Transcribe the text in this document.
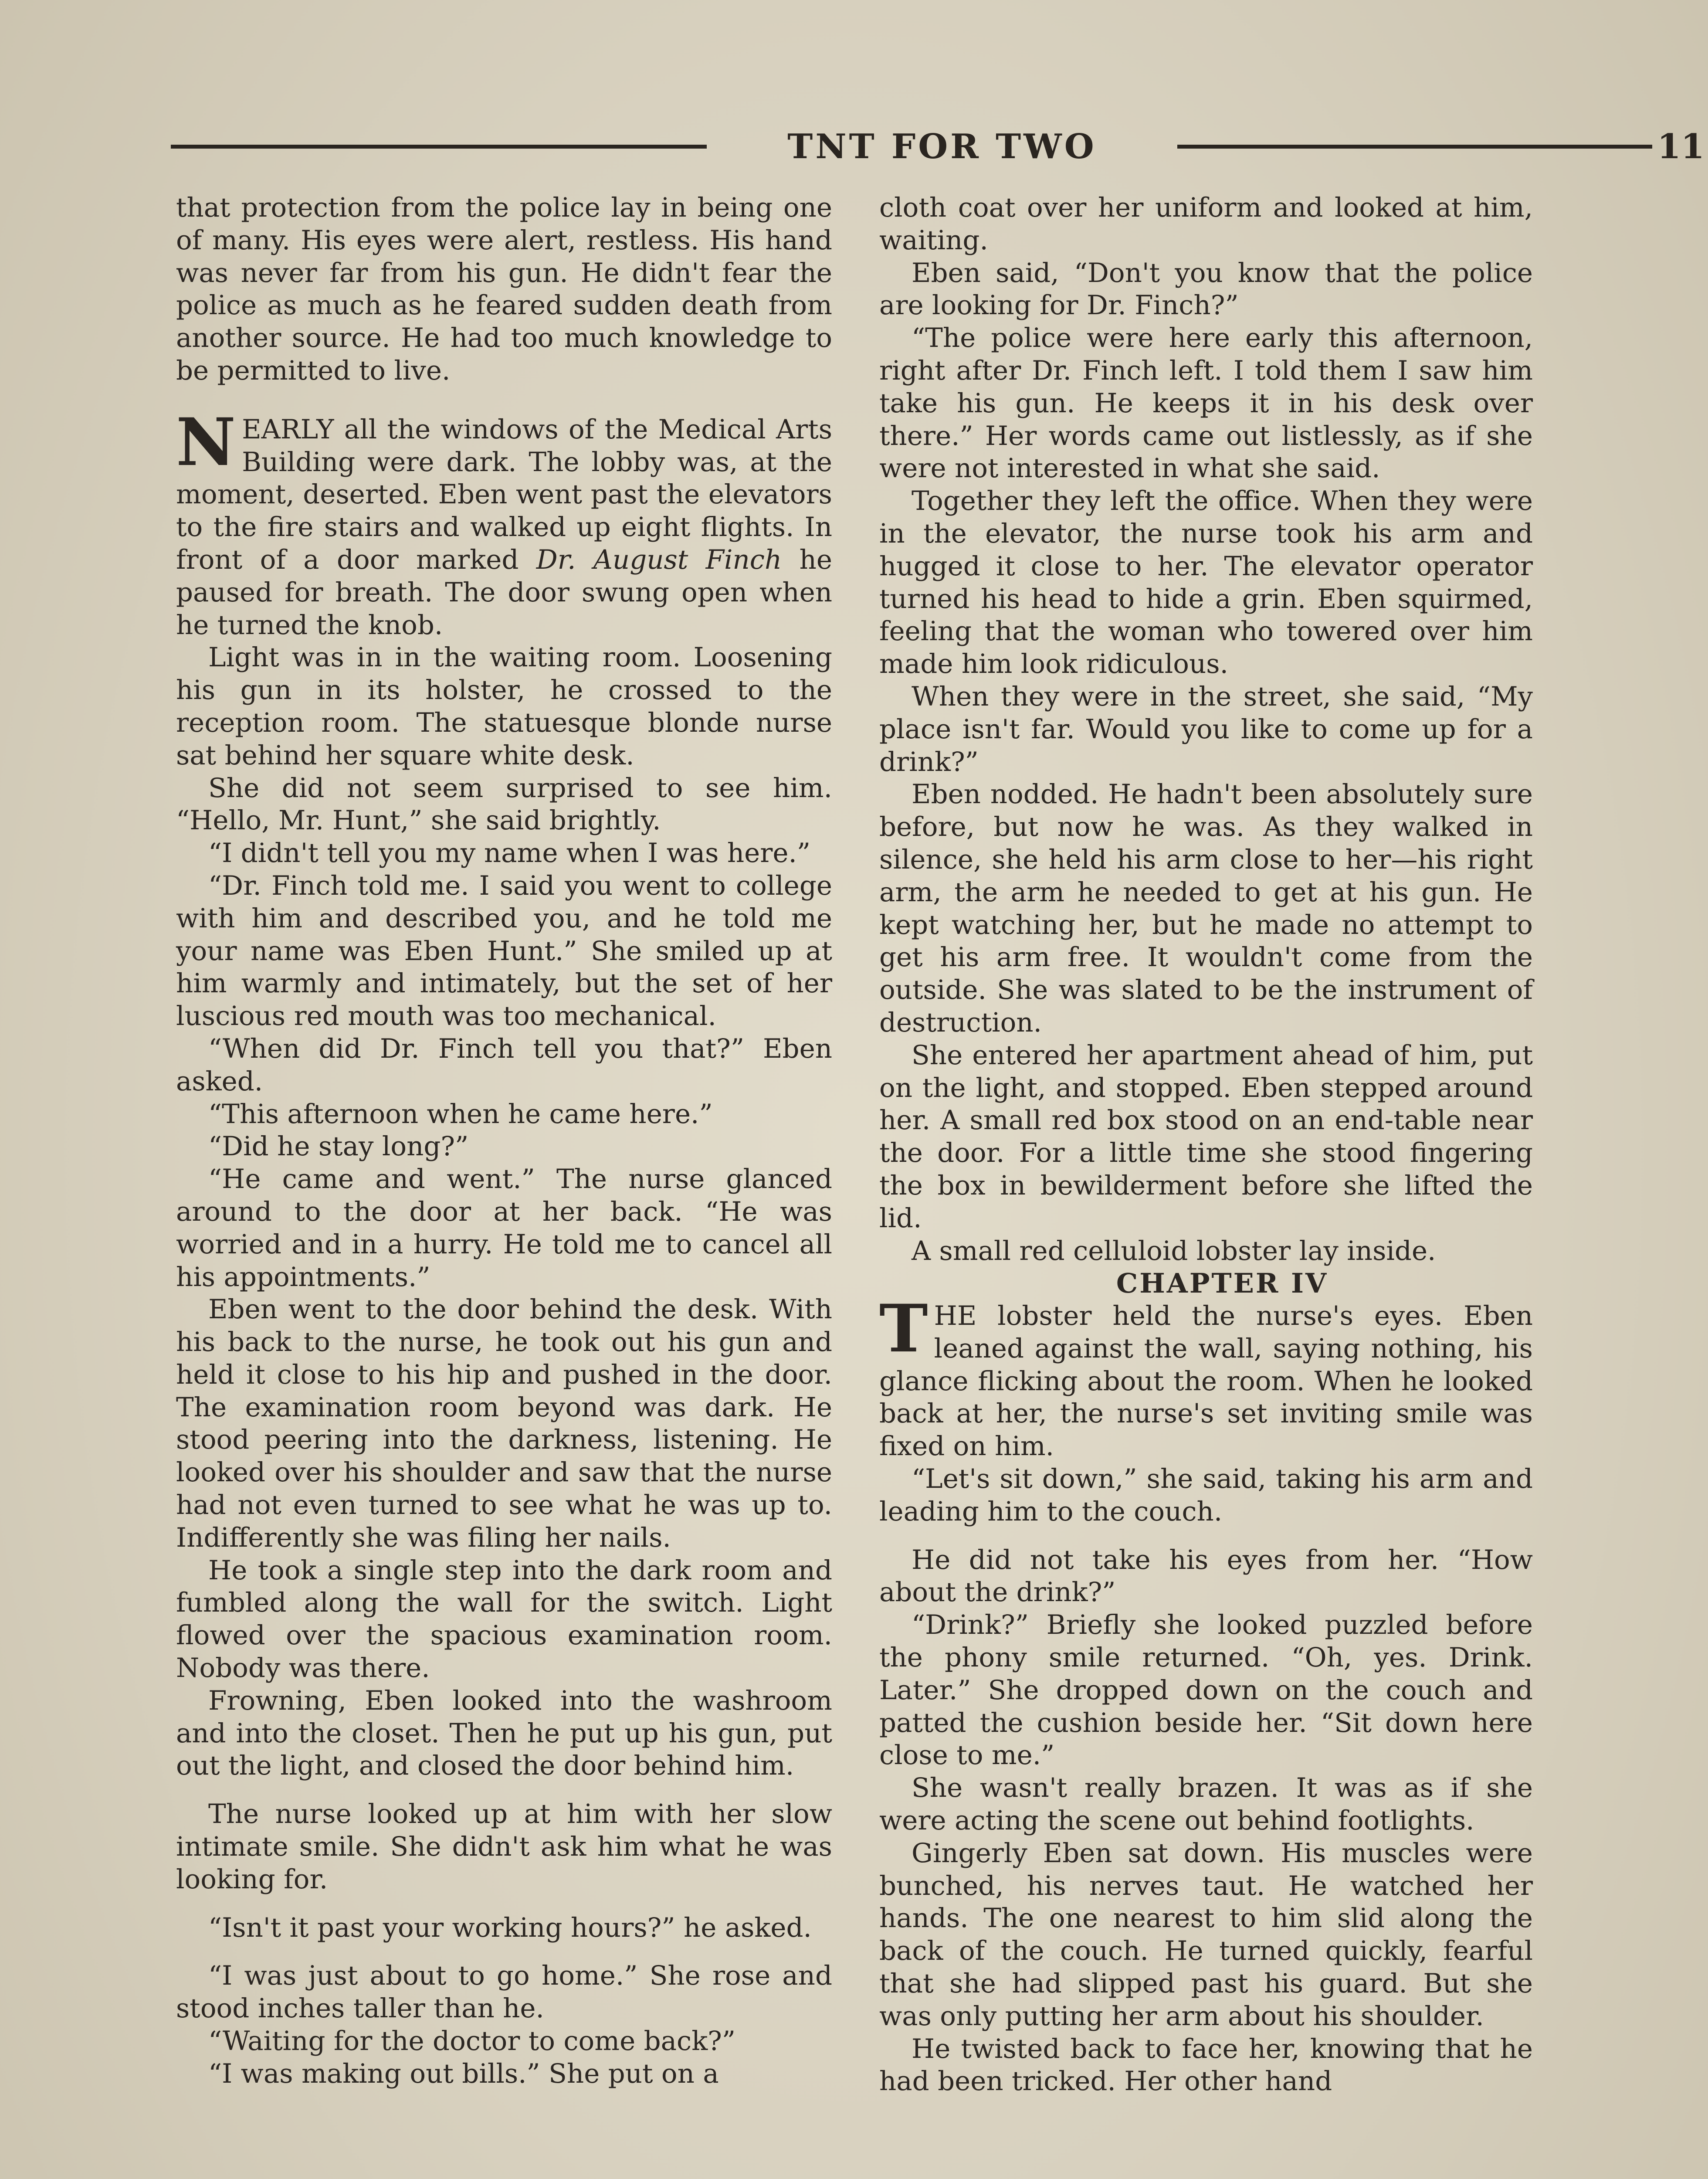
TNT FOR TWO	11

that protection from the police lay in being one of many. His eyes were alert, restless. His hand was never far from his gun. He didn't fear the police as much as he feared sudden death from another source. He had too much knowledge to be permitted to live.

NEARLY all the windows of the Medical Arts Building were dark. The lobby was, at the moment, deserted. Eben went past the elevators to the fire stairs and walked up eight flights. In front of a door marked Dr. August Finch he paused for breath. The door swung open when he turned the knob.

Light was in in the waiting room. Loosening his gun in its holster, he crossed to the reception room. The statuesque blonde nurse sat behind her square white desk.

She did not seem surprised to see him. “Hello, Mr. Hunt,” she said brightly.

“I didn't tell you my name when I was here.”

“Dr. Finch told me. I said you went to college with him and described you, and he told me your name was Eben Hunt.” She smiled up at him warmly and intimately, but the set of her luscious red mouth was too mechanical.

“When did Dr. Finch tell you that?” Eben asked.

“This afternoon when he came here.”

“Did he stay long?”

“He came and went.” The nurse glanced around to the door at her back. “He was worried and in a hurry. He told me to cancel all his appointments.”

Eben went to the door behind the desk. With his back to the nurse, he took out his gun and held it close to his hip and pushed in the door. The examination room beyond was dark. He stood peering into the darkness, listening. He looked over his shoulder and saw that the nurse had not even turned to see what he was up to. Indifferently she was filing her nails.

He took a single step into the dark room and fumbled along the wall for the switch. Light flowed over the spacious examination room. Nobody was there.

Frowning, Eben looked into the washroom and into the closet. Then he put up his gun, put out the light, and closed the door behind him.

The nurse looked up at him with her slow intimate smile. She didn't ask him what he was looking for.

“Isn't it past your working hours?” he asked.

“I was just about to go home.” She rose and stood inches taller than he.

“Waiting for the doctor to come back?”

“I was making out bills.” She put on a

cloth coat over her uniform and looked at him, waiting.

Eben said, “Don't you know that the police are looking for Dr. Finch?”

“The police were here early this afternoon, right after Dr. Finch left. I told them I saw him take his gun. He keeps it in his desk over there.” Her words came out listlessly, as if she were not interested in what she said.

Together they left the office. When they were in the elevator, the nurse took his arm and hugged it close to her. The elevator operator turned his head to hide a grin. Eben squirmed, feeling that the woman who towered over him made him look ridiculous.

When they were in the street, she said, “My place isn't far. Would you like to come up for a drink?”

Eben nodded. He hadn't been absolutely sure before, but now he was. As they walked in silence, she held his arm close to her—his right arm, the arm he needed to get at his gun. He kept watching her, but he made no attempt to get his arm free. It wouldn't come from the outside. She was slated to be the instrument of destruction.

She entered her apartment ahead of him, put on the light, and stopped. Eben stepped around her. A small red box stood on an end-table near the door. For a little time she stood fingering the box in bewilderment before she lifted the lid.

A small red celluloid lobster lay inside.

CHAPTER IV

THE lobster held the nurse's eyes. Eben leaned against the wall, saying nothing, his glance flicking about the room. When he looked back at her, the nurse's set inviting smile was fixed on him.

“Let's sit down,” she said, taking his arm and leading him to the couch.

He did not take his eyes from her. “How about the drink?”

“Drink?” Briefly she looked puzzled before the phony smile returned. “Oh, yes. Drink. Later.” She dropped down on the couch and patted the cushion beside her. “Sit down here close to me.”

She wasn't really brazen. It was as if she were acting the scene out behind footlights.

Gingerly Eben sat down. His muscles were bunched, his nerves taut. He watched her hands. The one nearest to him slid along the back of the couch. He turned quickly, fearful that she had slipped past his guard. But she was only putting her arm about his shoulder.

He twisted back to face her, knowing that he had been tricked. Her other hand
